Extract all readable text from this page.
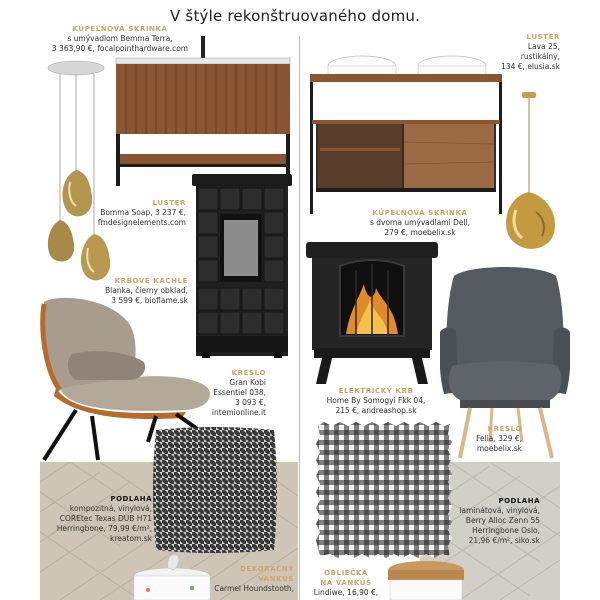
V štýle rekonštruovaného domu.
KÚPEĽŇOVÁ SKRINKA
s umývadlom Bemma Terra,
3 363,90 €, focalpointhardware.com
LUSTER
Bomma Soap, 3 237 €,
fmdesignelements.com
KRBOVÉ KACHLE
Blanka, čierny obklad,
3 599 €, bioflame.sk
KRESLO
Gran Kobi
Essentiel 038,
3 093 €,
intemionline.it
PODLAHA
kompozitná, vinylová,
COREtec Texas DUB H71
Herringbone, 79,99 €/m²,
kreatom.sk
DEKORAČNÝ
VANKÚŠ
Carmel Houndstooth,
LUSTER
Lava 25,
rustikálny,
134 €, elusia.sk
KÚPEĽŇOVÁ SKRINKA
s dvoma umývadlami Dell,
279 €, moebelix.sk
ELEKTRICKÝ KRB
Home By Somogyi Fkk 04,
215 €, andreashop.sk
KRESLO
Felia, 329 €,
moebelix.sk
PODLAHA
laminátová, vinylová,
Berry Alloc Zenn 55
Herringbone Oslo,
21,96 €/m², siko.sk
OBLIEČKA
NA VANKÚŠ
Lindiwe, 16,90 €,
